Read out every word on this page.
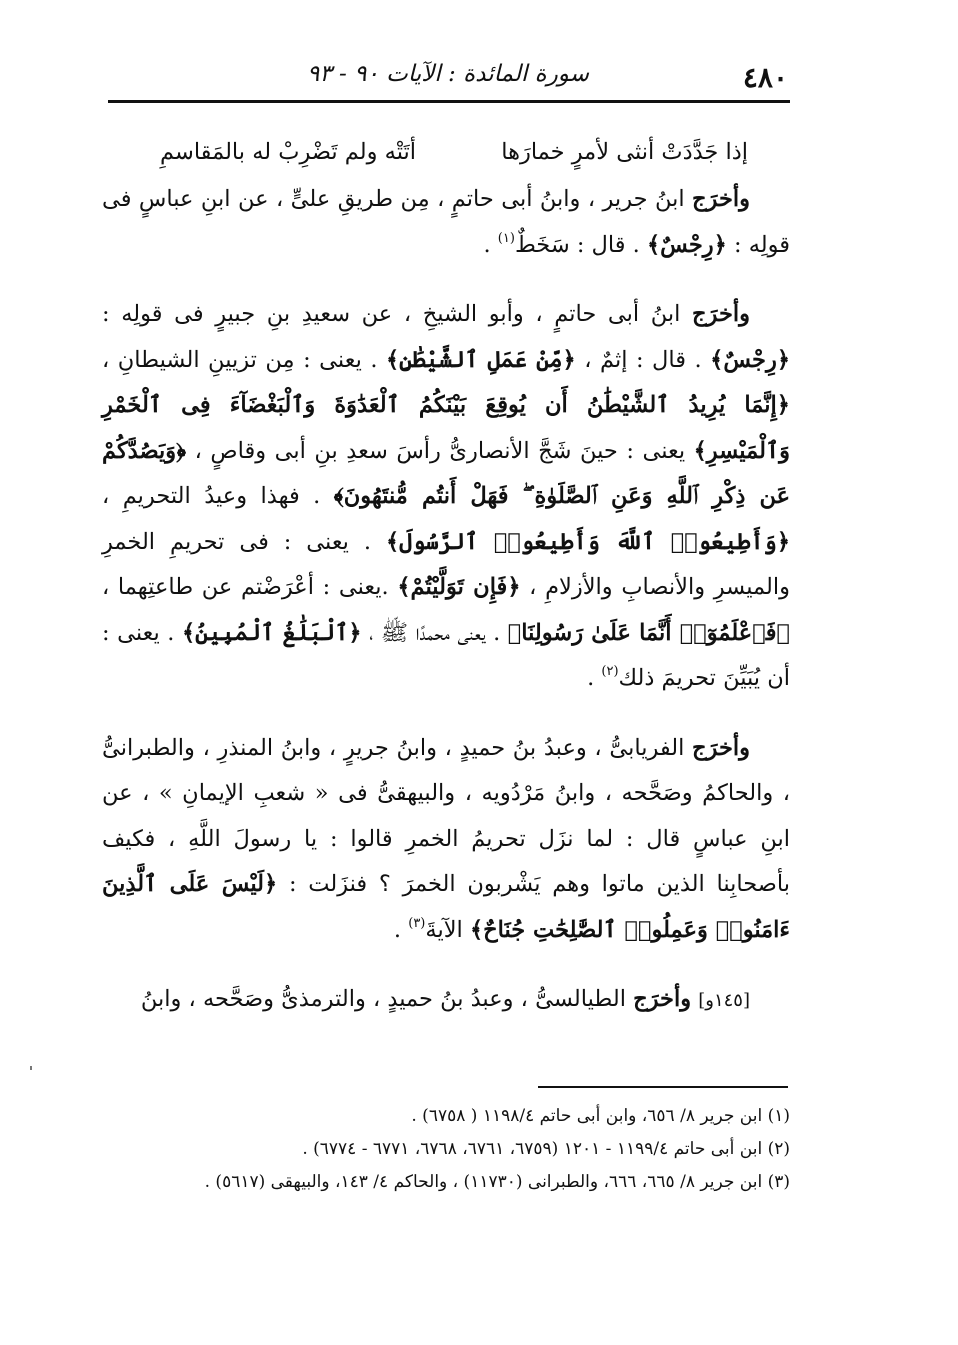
٤٨٠
سورة المائدة : الآيات ٩٠ - ٩٣
إذا جَدَّدَتْ أنثى لأمرٍ خمارَها
أتَتْه ولم تَضْرِبْ له بالمَقاسمِ

وأخرَج ابنُ جرير ، وابنُ أبى حاتمٍ ، مِن طريقِ علىٍّ ، عن ابنِ عباسٍ فى قولِه : ﴿رِجْسٌ﴾ . قال : سَخَطٌ$^{(١)}$ .

وأخرَج ابنُ أبى حاتمٍ ، وأبو الشيخِ ، عن سعيدِ بنِ جبيرٍ فى قولِه : ﴿رِجْسٌ﴾ . قال : إثمٌ ، ﴿مِّنْ عَمَلِ ٱلشَّيْطَٰنِ﴾ . يعنى : مِن تزيينِ الشيطانِ ، ﴿إِنَّمَا يُرِيدُ ٱلشَّيْطَٰنُ أَن يُوقِعَ بَيْنَكُمُ ٱلْعَدَٰوَةَ وَٱلْبَغْضَآءَ فِى ٱلْخَمْرِ وَٱلْمَيْسِرِ﴾ يعنى : حينَ شَجَّ الأنصارىُّ رأسَ سعدِ بنِ أبى وقاصٍ ، ﴿وَيَصُدَّكُمْ عَن ذِكْرِ ٱللَّهِ وَعَنِ ٱلصَّلَوٰةِ ۖ فَهَلْ أَنتُم مُّنتَهُونَ﴾ . فهذا وعيدُ التحريمِ ، ﴿وَأَطِيعُوا۟ ٱللَّهَ وَأَطِيعُوا۟ ٱلرَّسُولَ﴾ . يعنى : فى تحريمِ الخمرِ والميسرِ والأنصابِ والأزلامِ ، ﴿فَإِن تَوَلَّيْتُمْ﴾ .يعنى : أعْرَضْتم عن طاعتِهما ، ﴿فَٱعْلَمُوٓا۟ أَنَّمَا عَلَىٰ رَسُولِنَا﴾ . يعنى محمدًا ﷺ ، ﴿ٱلْبَلَٰغُ ٱلْمُبِينُ﴾ . يعنى : أن يُبَيِّنَ تحريمَ ذلك$^{(٢)}$ .

وأخرَج الفريابىُّ ، وعبدُ بنُ حميدٍ ، وابنُ جريرٍ ، وابنُ المنذرِ ، والطبرانىُّ ، والحاكمُ وصَحَّحه ، وابنُ مَرْدُويه ، والبيهقىُّ فى « شعبِ الإيمانِ » ، عن ابنِ عباسٍ قال : لما نزَل تحريمُ الخمرِ قالوا : يا رسولَ اللَّهِ ، فكيف بأصحابِنا الذين ماتوا وهم يَشْربون الخمرَ ؟ فنزَلت : ﴿لَيْسَ عَلَى ٱلَّذِينَ ءَامَنُوا۟ وَعَمِلُوا۟ ٱلصَّٰلِحَٰتِ جُنَاحٌ﴾ الآيةَ$^{(٣)}$ .

[١٤٥و] وأخرَج الطيالسىُّ ، وعبدُ بنُ حميدٍ ، والترمذىُّ وصَحَّحه ، وابنُ

(١) ابن جرير ٨/ ٦٥٦، وابن أبى حاتم ١١٩٨/٤ ( ٦٧٥٨) .
(٢) ابن أبى حاتم ١١٩٩/٤ - ١٢٠١ (٦٧٥٩، ٦٧٦١، ٦٧٦٨، ٦٧٧١ - ٦٧٧٤) .
(٣) ابن جرير ٨/ ٦٦٥، ٦٦٦، والطبرانى (١١٧٣٠) ، والحاكم ٤/ ١٤٣، والبيهقى (٥٦١٧) .
